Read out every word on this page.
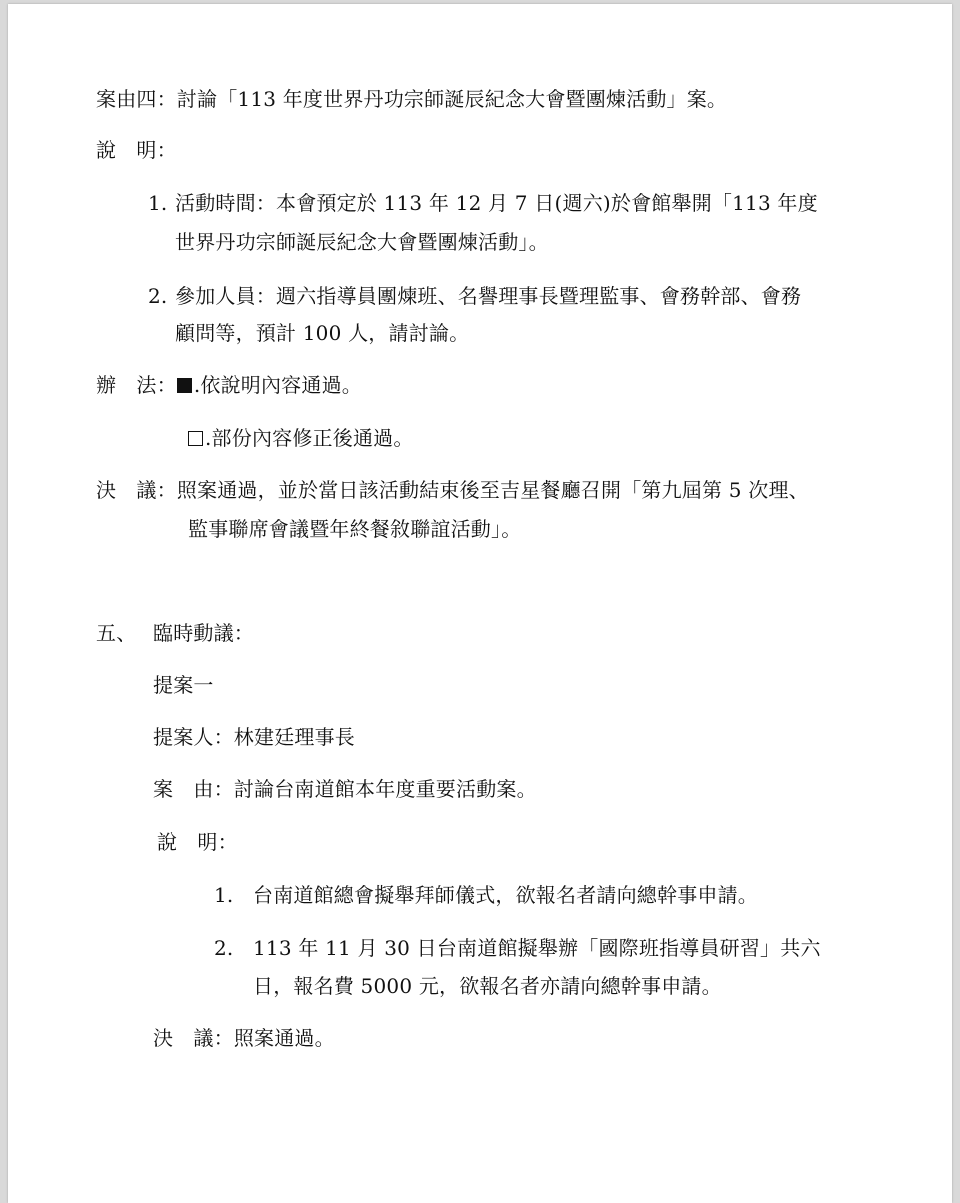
案由四：討論「113 年度世界丹功宗師誕辰紀念大會暨團煉活動」案。
說　明：
1. 活動時間：本會預定於 113 年 12 月 7 日(週六)於會館舉開「113 年度
世界丹功宗師誕辰紀念大會暨團煉活動」。
2. 參加人員：週六指導員團煉班、名譽理事長暨理監事、會務幹部、會務
顧問等，預計 100 人，請討論。
辦　法： .依說明內容通過。
.部份內容修正後通過。
決　議：照案通過，並於當日該活動結束後至吉星餐廳召開「第九屆第 5 次理、
監事聯席會議暨年終餐敘聯誼活動」。
五、 臨時動議：
提案一
提案人：林建廷理事長
案　由：討論台南道館本年度重要活動案。
說　明：
1. 台南道館總會擬舉拜師儀式，欲報名者請向總幹事申請。
2. 113 年 11 月 30 日台南道館擬舉辦「國際班指導員研習」共六
日，報名費 5000 元，欲報名者亦請向總幹事申請。
決　議：照案通過。
